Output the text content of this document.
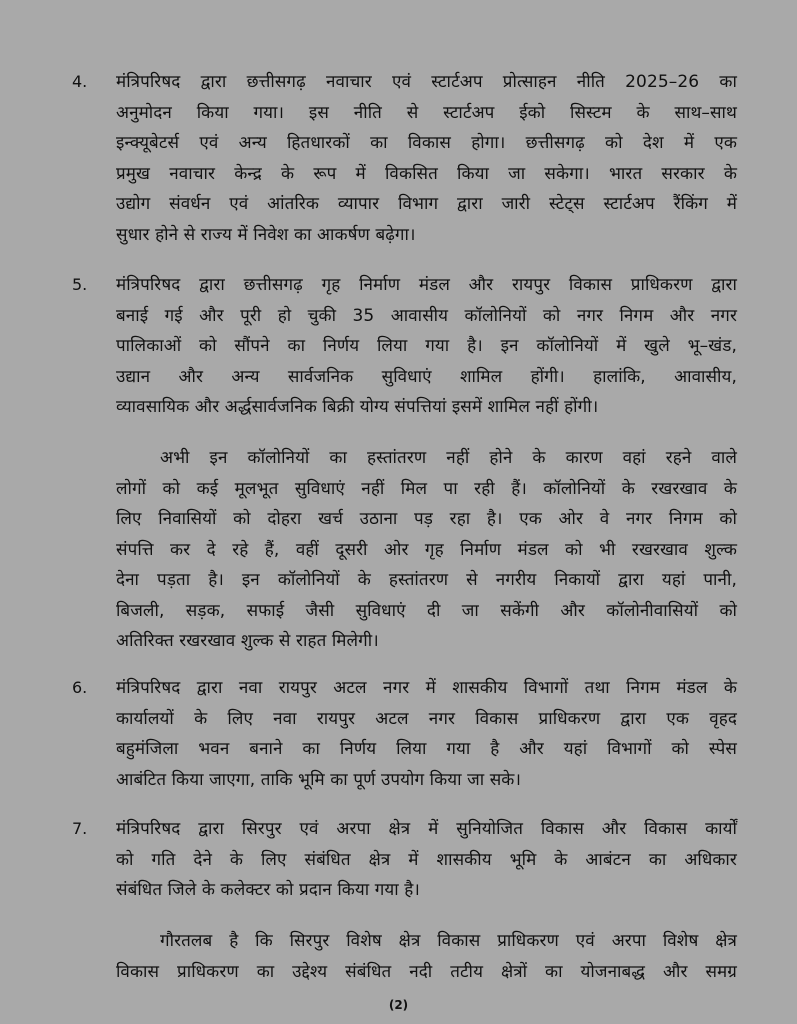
4.	मंत्रिपरिषद द्वारा छत्तीसगढ़ नवाचार एवं स्टार्टअप प्रोत्साहन नीति 2025–26 का
अनुमोदन किया गया। इस नीति से स्टार्टअप ईको सिस्टम के साथ–साथ
इन्क्यूबेटर्स एवं अन्य हितधारकों का विकास होगा। छत्तीसगढ़ को देश में एक
प्रमुख नवाचार केन्द्र के रूप में विकसित किया जा सकेगा। भारत सरकार के
उद्योग संवर्धन एवं आंतरिक व्यापार विभाग द्वारा जारी स्टेट्स स्टार्टअप रैंकिंग में
सुधार होने से राज्य में निवेश का आकर्षण बढ़ेगा।
5.	मंत्रिपरिषद द्वारा छत्तीसगढ़ गृह निर्माण मंडल और रायपुर विकास प्राधिकरण द्वारा
बनाई गई और पूरी हो चुकी 35 आवासीय कॉलोनियों को नगर निगम और नगर
पालिकाओं को सौंपने का निर्णय लिया गया है। इन कॉलोनियों में खुले भू–खंड,
उद्यान और अन्य सार्वजनिक सुविधाएं शामिल होंगी। हालांकि, आवासीय,
व्यावसायिक और अर्द्धसार्वजनिक बिक्री योग्य संपत्तियां इसमें शामिल नहीं होंगी।
अभी इन कॉलोनियों का हस्तांतरण नहीं होने के कारण वहां रहने वाले
लोगों को कई मूलभूत सुविधाएं नहीं मिल पा रही हैं। कॉलोनियों के रखरखाव के
लिए निवासियों को दोहरा खर्च उठाना पड़ रहा है। एक ओर वे नगर निगम को
संपत्ति कर दे रहे हैं, वहीं दूसरी ओर गृह निर्माण मंडल को भी रखरखाव शुल्क
देना पड़ता है। इन कॉलोनियों के हस्तांतरण से नगरीय निकायों द्वारा यहां पानी,
बिजली, सड़क, सफाई जैसी सुविधाएं दी जा सकेंगी और कॉलोनीवासियों को
अतिरिक्त रखरखाव शुल्क से राहत मिलेगी।
6.	मंत्रिपरिषद द्वारा नवा रायपुर अटल नगर में शासकीय विभागों तथा निगम मंडल के
कार्यालयों के लिए नवा रायपुर अटल नगर विकास प्राधिकरण द्वारा एक वृहद
बहुमंजिला भवन बनाने का निर्णय लिया गया है और यहां विभागों को स्पेस
आबंटित किया जाएगा, ताकि भूमि का पूर्ण उपयोग किया जा सके।
7.	मंत्रिपरिषद द्वारा सिरपुर एवं अरपा क्षेत्र में सुनियोजित विकास और विकास कार्यों
को गति देने के लिए संबंधित क्षेत्र में शासकीय भूमि के आबंटन का अधिकार
संबंधित जिले के कलेक्टर को प्रदान किया गया है।
गौरतलब है कि सिरपुर विशेष क्षेत्र विकास प्राधिकरण एवं अरपा विशेष क्षेत्र
विकास प्राधिकरण का उद्देश्य संबंधित नदी तटीय क्षेत्रों का योजनाबद्ध और समग्र
(2)
